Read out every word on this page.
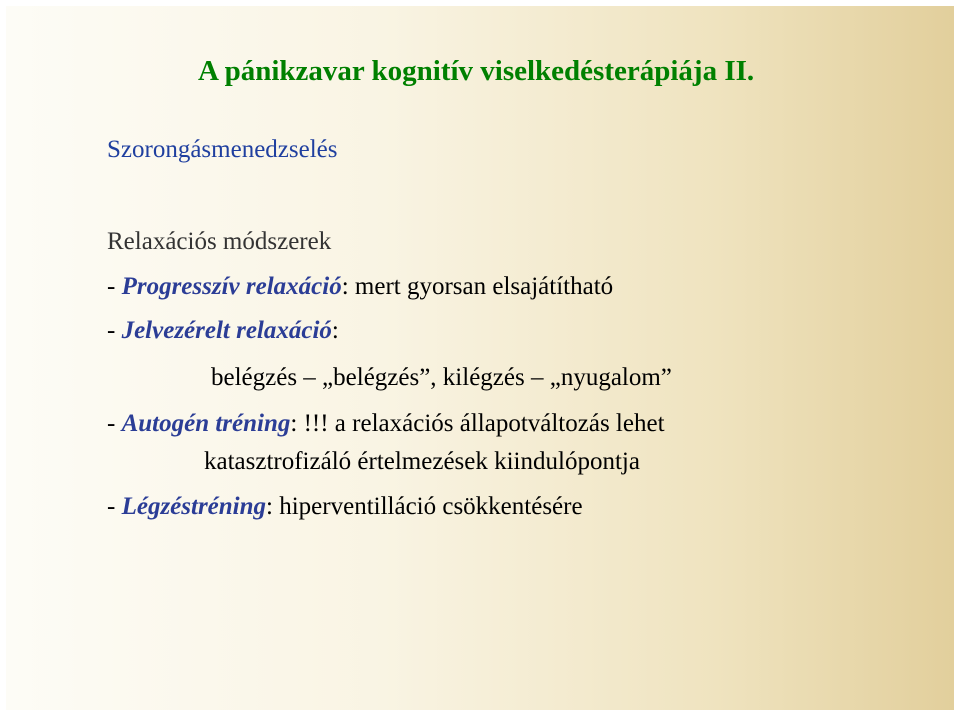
A pánikzavar kognitív viselkedésterápiája II.
Szorongásmenedzselés
Relaxációs módszerek
- Progresszív relaxáció: mert gyorsan elsajátítható
- Jelvezérelt relaxáció:
belégzés – „belégzés”, kilégzés – „nyugalom”
- Autogén tréning: !!! a relaxációs állapotváltozás lehet
katasztrofizáló értelmezések kiindulópontja
- Légzéstréning: hiperventilláció csökkentésére
